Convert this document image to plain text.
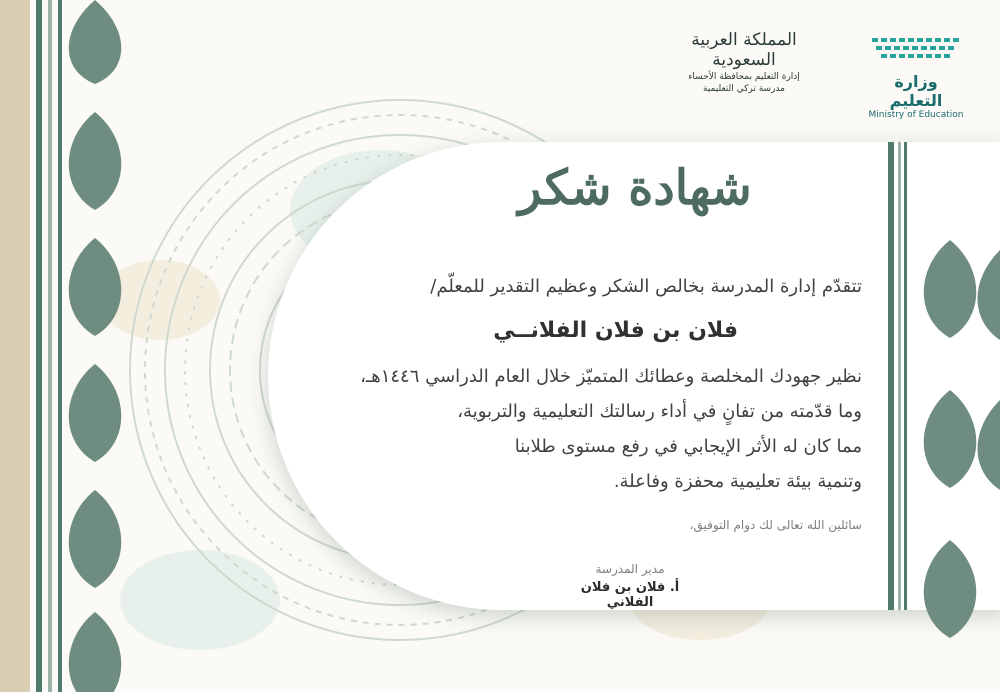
وزارة التعليم
Ministry of Education
المملكة العربية السعودية
إدارة التعليم بمحافظة الأحساء
مدرسة تركي التعليمية
شهادة شكر
تتقدّم إدارة المدرسة بخالص الشكر وعظيم التقدير للمعلّم/
فلان بن فلان الفلانــي
نظير جهودك المخلصة وعطائك المتميّز خلال العام الدراسي ١٤٤٦هـ،
وما قدّمته من تفانٍ في أداء رسالتك التعليمية والتربوية،
مما كان له الأثر الإيجابي في رفع مستوى طلابنا
وتنمية بيئة تعليمية محفزة وفاعلة.
سائلين الله تعالى لك دوام التوفيق،
مدير المدرسة
أ. فلان بن فلان الفلاني
